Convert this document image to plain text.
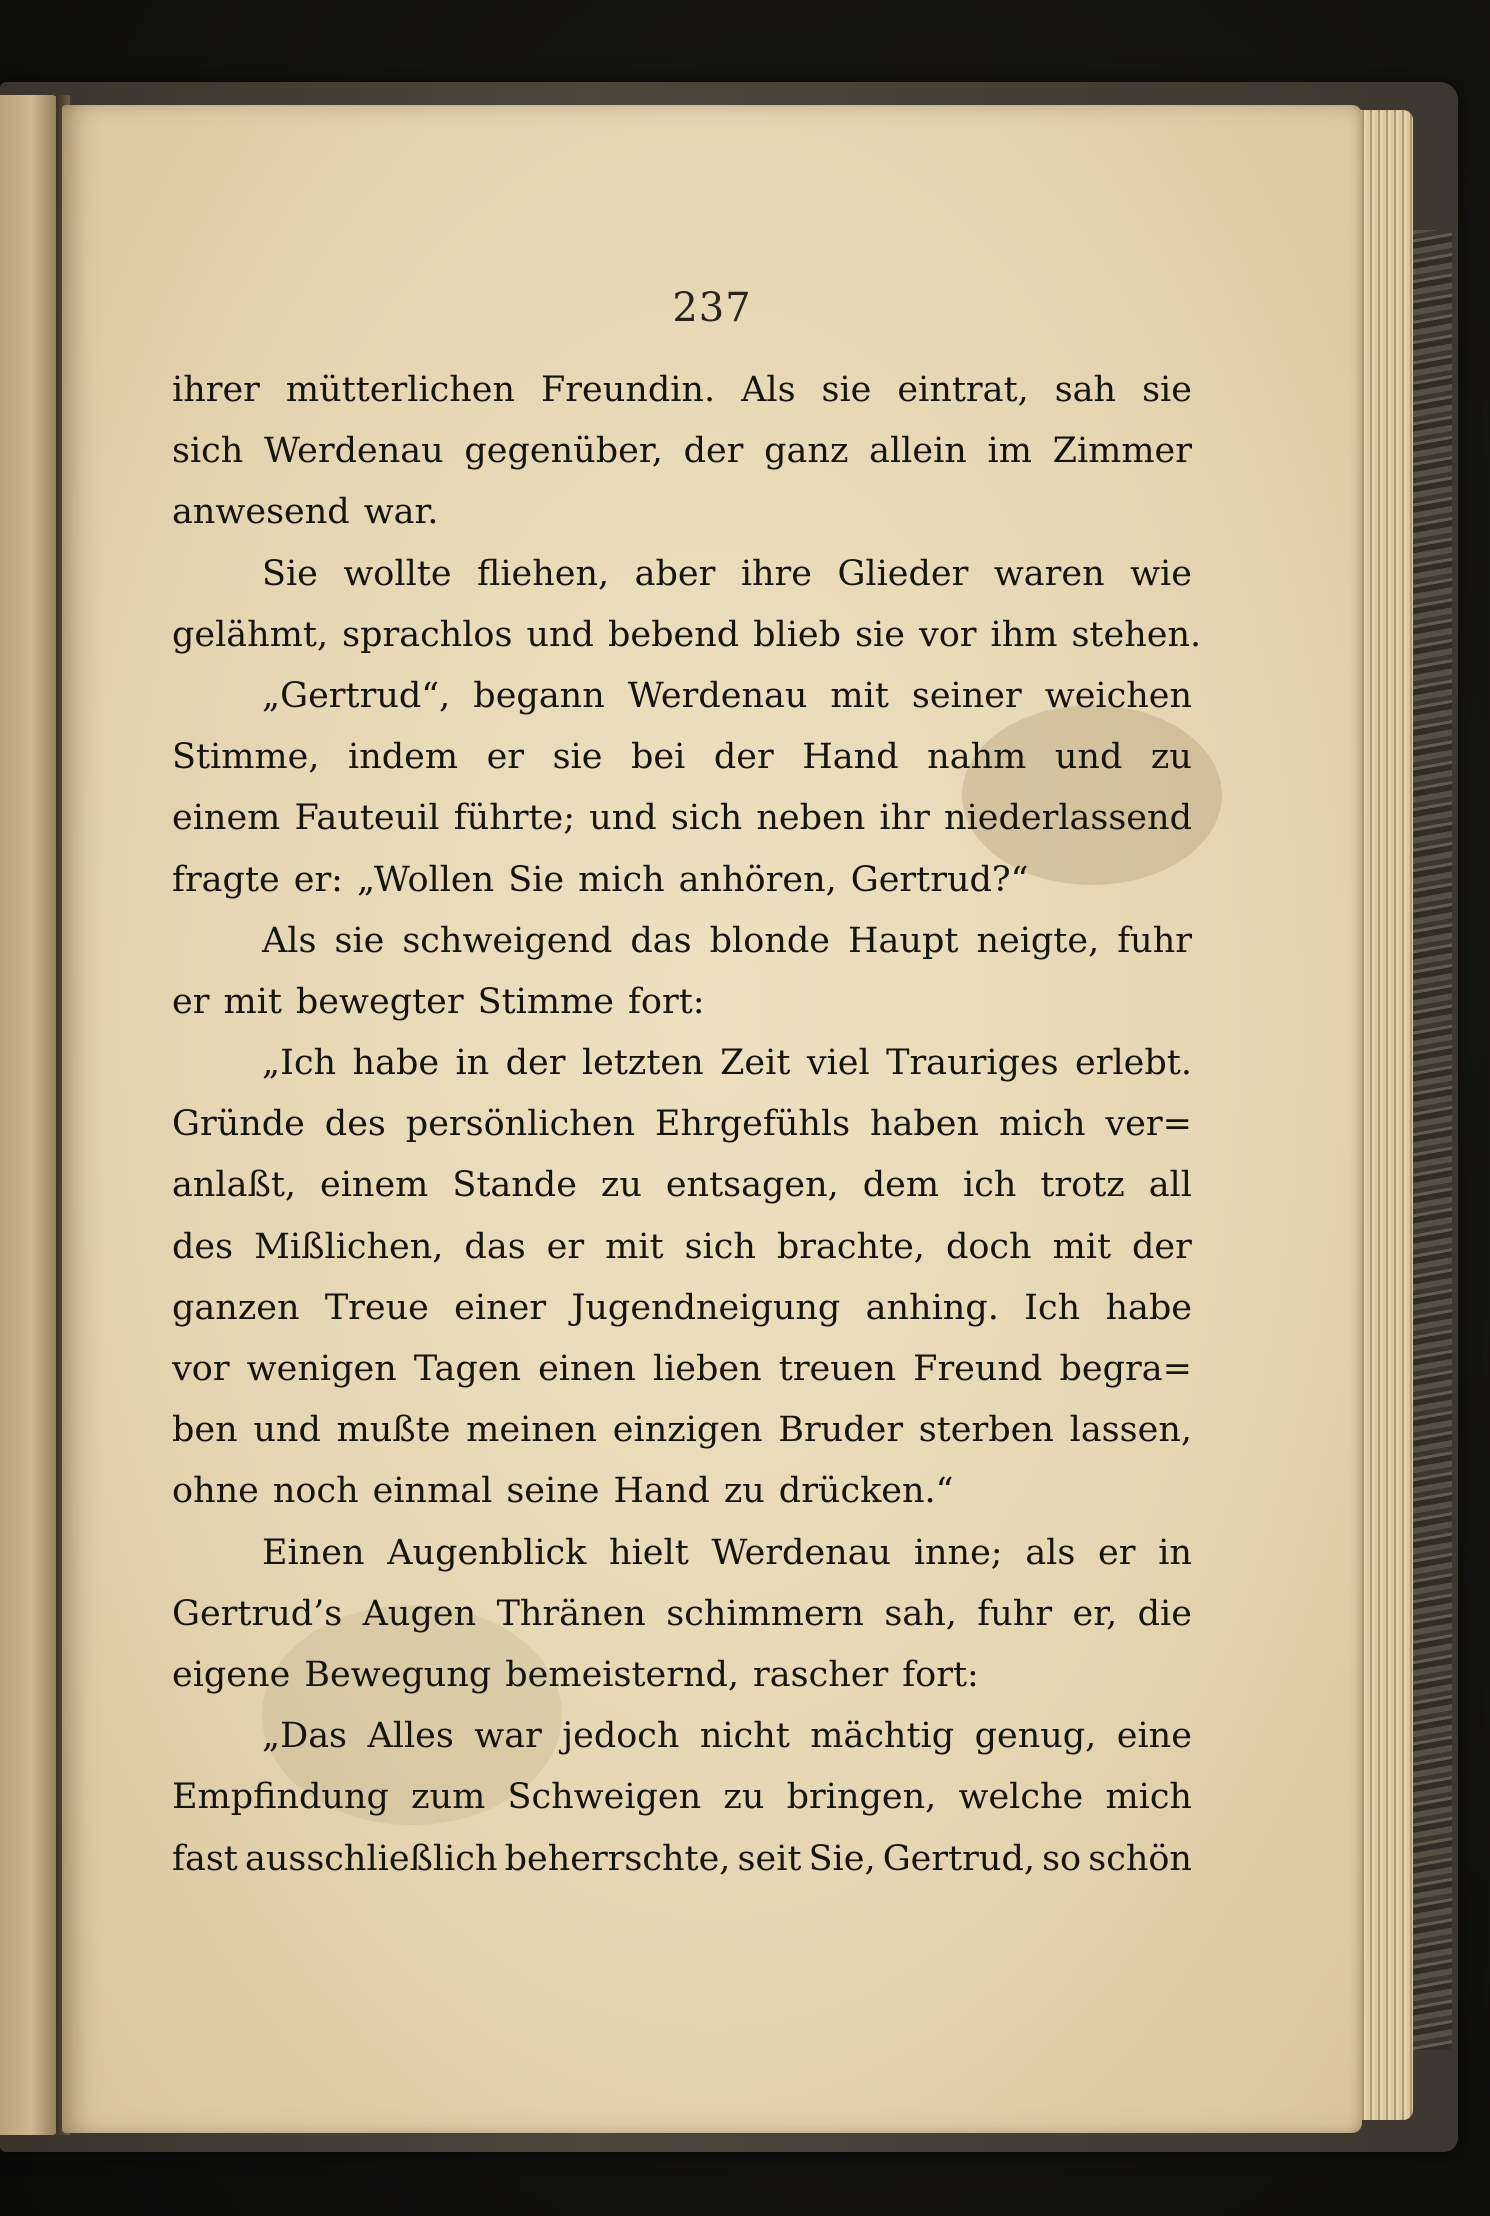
237
ihrer mütterlichen Freundin. Als sie eintrat, sah sie
sich Werdenau gegenüber, der ganz allein im Zimmer
anwesend war.
Sie wollte fliehen, aber ihre Glieder waren wie
gelähmt, sprachlos und bebend blieb sie vor ihm stehen.
„Gertrud“, begann Werdenau mit seiner weichen
Stimme, indem er sie bei der Hand nahm und zu
einem Fauteuil führte; und sich neben ihr niederlassend
fragte er: „Wollen Sie mich anhören, Gertrud?“
Als sie schweigend das blonde Haupt neigte, fuhr
er mit bewegter Stimme fort:
„Ich habe in der letzten Zeit viel Trauriges erlebt.
Gründe des persönlichen Ehrgefühls haben mich ver=
anlaßt, einem Stande zu entsagen, dem ich trotz all
des Mißlichen, das er mit sich brachte, doch mit der
ganzen Treue einer Jugendneigung anhing. Ich habe
vor wenigen Tagen einen lieben treuen Freund begra=
ben und mußte meinen einzigen Bruder sterben lassen,
ohne noch einmal seine Hand zu drücken.“
Einen Augenblick hielt Werdenau inne; als er in
Gertrud’s Augen Thränen schimmern sah, fuhr er, die
eigene Bewegung bemeisternd, rascher fort:
„Das Alles war jedoch nicht mächtig genug, eine
Empfindung zum Schweigen zu bringen, welche mich
fast ausschließlich beherrschte, seit Sie, Gertrud, so schön
